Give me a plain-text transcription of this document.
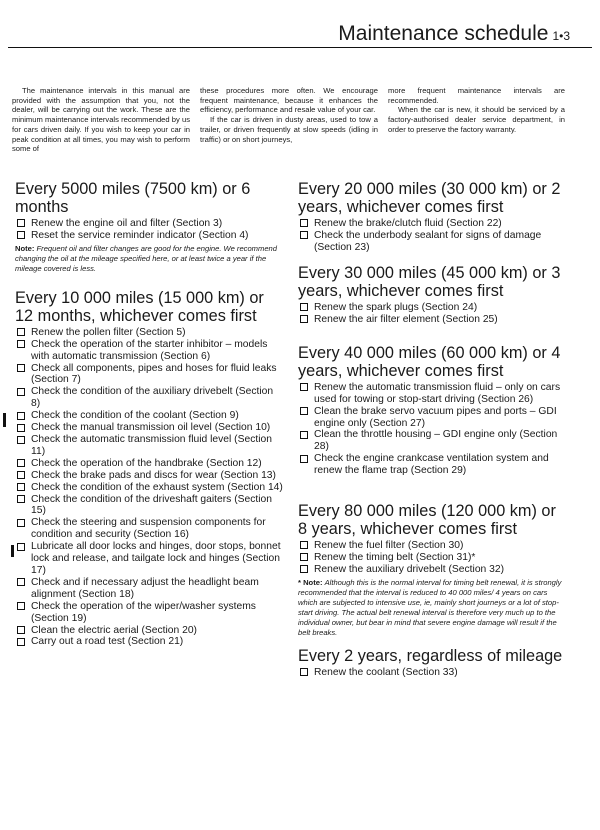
Maintenance schedule 1•3

The maintenance intervals in this manual are provided with the assumption that you, not the dealer, will be carrying out the work. These are the minimum maintenance intervals recommended by us for cars driven daily. If you wish to keep your car in peak condition at all times, you may wish to perform some of

these procedures more often. We encourage frequent maintenance, because it enhances the efficiency, performance and resale value of your car.

If the car is driven in dusty areas, used to tow a trailer, or driven frequently at slow speeds (idling in traffic) or on short journeys,

more frequent maintenance intervals are recommended.

When the car is new, it should be serviced by a factory-authorised dealer service department, in order to preserve the factory warranty.

Every 5000 miles (7500 km) or 6 months
Renew the engine oil and filter (Section 3)
Reset the service reminder indicator (Section 4)
Note: Frequent oil and filter changes are good for the engine. We recommend changing the oil at the mileage specified here, or at least twice a year if the mileage covered is less.
Every 10 000 miles (15 000 km) or 12 months, whichever comes first
Renew the pollen filter (Section 5)
Check the operation of the starter inhibitor – models with automatic transmission (Section 6)
Check all components, pipes and hoses for fluid leaks (Section 7)
Check the condition of the auxiliary drivebelt (Section 8)
Check the condition of the coolant (Section 9)
Check the manual transmission oil level (Section 10)
Check the automatic transmission fluid level (Section 11)
Check the operation of the handbrake (Section 12)
Check the brake pads and discs for wear (Section 13)
Check the condition of the exhaust system (Section 14)
Check the condition of the driveshaft gaiters (Section 15)
Check the steering and suspension components for condition and security (Section 16)
Lubricate all door locks and hinges, door stops, bonnet lock and release, and tailgate lock and hinges (Section 17)
Check and if necessary adjust the headlight beam alignment (Section 18)
Check the operation of the wiper/washer systems (Section 19)
Clean the electric aerial (Section 20)
Carry out a road test (Section 21)
Every 20 000 miles (30 000 km) or 2 years, whichever comes first
Renew the brake/clutch fluid (Section 22)
Check the underbody sealant for signs of damage (Section 23)
Every 30 000 miles (45 000 km) or 3 years, whichever comes first
Renew the spark plugs (Section 24)
Renew the air filter element (Section 25)
Every 40 000 miles (60 000 km) or 4 years, whichever comes first
Renew the automatic transmission fluid – only on cars used for towing or stop-start driving (Section 26)
Clean the brake servo vacuum pipes and ports – GDI engine only (Section 27)
Clean the throttle housing – GDI engine only (Section 28)
Check the engine crankcase ventilation system and renew the flame trap (Section 29)
Every 80 000 miles (120 000 km) or 8 years, whichever comes first
Renew the fuel filter (Section 30)
Renew the timing belt (Section 31)*
Renew the auxiliary drivebelt (Section 32)
* Note: Although this is the normal interval for timing belt renewal, it is strongly recommended that the interval is reduced to 40 000 miles/ 4 years on cars which are subjected to intensive use, ie, mainly short journeys or a lot of stop-start driving. The actual belt renewal interval is therefore very much up to the individual owner, but bear in mind that severe engine damage will result if the belt breaks.
Every 2 years, regardless of mileage
Renew the coolant (Section 33)
